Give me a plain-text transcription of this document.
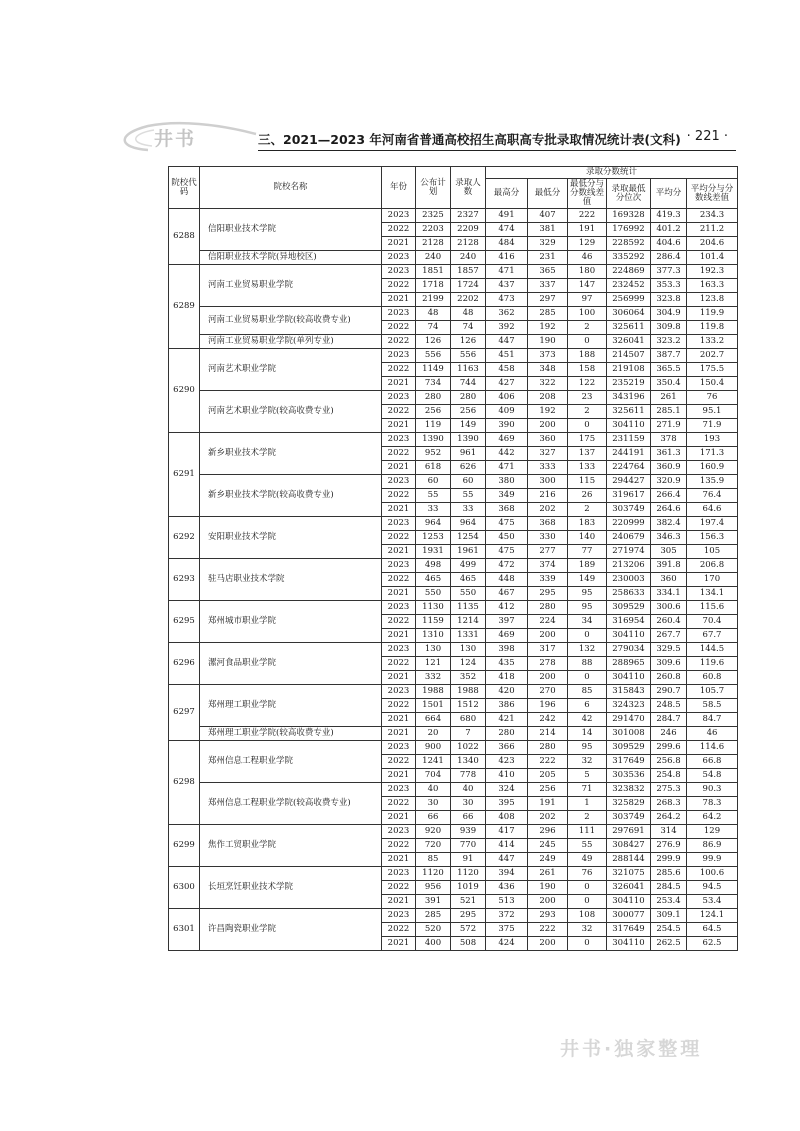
井书	三、2021—2023 年河南省普通高校招生高职高专批录取情况统计表(文科) · 221 ·
院校代码	院校名称	年份	公布计划	录取人数	录取分数统计					
					最高分	最低分	最低分与分数线差值	录取最低分位次	平均分	平均分与分数线差值
6288	信阳职业技术学院	2023	2325	2327	491	407	222	169328	419.3	234.3
		2022	2203	2209	474	381	191	176992	401.2	211.2
		2021	2128	2128	484	329	129	228592	404.6	204.6
	信阳职业技术学院(异地校区)	2023	240	240	416	231	46	335292	286.4	101.4
6289	河南工业贸易职业学院	2023	1851	1857	471	365	180	224869	377.3	192.3
		2022	1718	1724	437	337	147	232452	353.3	163.3
		2021	2199	2202	473	297	97	256999	323.8	123.8
	河南工业贸易职业学院(较高收费专业)	2023	48	48	362	285	100	306064	304.9	119.9
		2022	74	74	392	192	2	325611	309.8	119.8
	河南工业贸易职业学院(单列专业)	2022	126	126	447	190	0	326041	323.2	133.2
6290	河南艺术职业学院	2023	556	556	451	373	188	214507	387.7	202.7
		2022	1149	1163	458	348	158	219108	365.5	175.5
		2021	734	744	427	322	122	235219	350.4	150.4
	河南艺术职业学院(较高收费专业)	2023	280	280	406	208	23	343196	261	76
		2022	256	256	409	192	2	325611	285.1	95.1
		2021	119	149	390	200	0	304110	271.9	71.9
6291	新乡职业技术学院	2023	1390	1390	469	360	175	231159	378	193
		2022	952	961	442	327	137	244191	361.3	171.3
		2021	618	626	471	333	133	224764	360.9	160.9
	新乡职业技术学院(较高收费专业)	2023	60	60	380	300	115	294427	320.9	135.9
		2022	55	55	349	216	26	319617	266.4	76.4
		2021	33	33	368	202	2	303749	264.6	64.6
6292	安阳职业技术学院	2023	964	964	475	368	183	220999	382.4	197.4
		2022	1253	1254	450	330	140	240679	346.3	156.3
		2021	1931	1961	475	277	77	271974	305	105
6293	驻马店职业技术学院	2023	498	499	472	374	189	213206	391.8	206.8
		2022	465	465	448	339	149	230003	360	170
		2021	550	550	467	295	95	258633	334.1	134.1
6295	郑州城市职业学院	2023	1130	1135	412	280	95	309529	300.6	115.6
		2022	1159	1214	397	224	34	316954	260.4	70.4
		2021	1310	1331	469	200	0	304110	267.7	67.7
6296	漯河食品职业学院	2023	130	130	398	317	132	279034	329.5	144.5
		2022	121	124	435	278	88	288965	309.6	119.6
		2021	332	352	418	200	0	304110	260.8	60.8
6297	郑州理工职业学院	2023	1988	1988	420	270	85	315843	290.7	105.7
		2022	1501	1512	386	196	6	324323	248.5	58.5
		2021	664	680	421	242	42	291470	284.7	84.7
	郑州理工职业学院(较高收费专业)	2021	20	7	280	214	14	301008	246	46
6298	郑州信息工程职业学院	2023	900	1022	366	280	95	309529	299.6	114.6
		2022	1241	1340	423	222	32	317649	256.8	66.8
		2021	704	778	410	205	5	303536	254.8	54.8
	郑州信息工程职业学院(较高收费专业)	2023	40	40	324	256	71	323832	275.3	90.3
		2022	30	30	395	191	1	325829	268.3	78.3
		2021	66	66	408	202	2	303749	264.2	64.2
6299	焦作工贸职业学院	2023	920	939	417	296	111	297691	314	129
		2022	720	770	414	245	55	308427	276.9	86.9
		2021	85	91	447	249	49	288144	299.9	99.9
6300	长垣烹饪职业技术学院	2023	1120	1120	394	261	76	321075	285.6	100.6
		2022	956	1019	436	190	0	326041	284.5	94.5
		2021	391	521	513	200	0	304110	253.4	53.4
6301	许昌陶瓷职业学院	2023	285	295	372	293	108	300077	309.1	124.1
		2022	520	572	375	222	32	317649	254.5	64.5
		2021	400	508	424	200	0	304110	262.5	62.5
井书·独家整理
